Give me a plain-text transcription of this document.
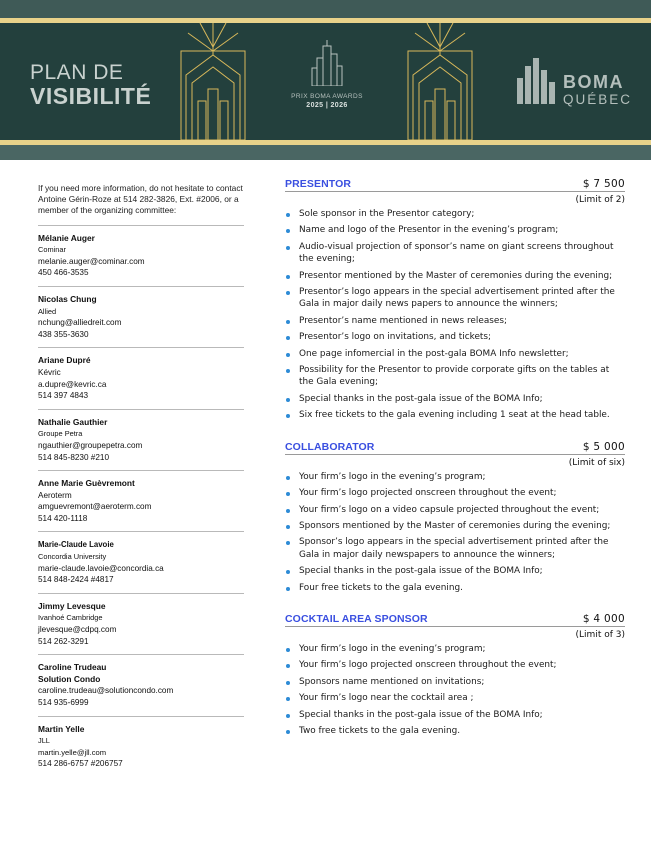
PLAN DE
VISIBILITÉ	PRIX BOMA AWARDS
2025 | 2026
BOMA
QUÉBEC
If you need more information, do not hesitate to contact Antoine Gérin-Roze at 514 282-3826, Ext. #2006, or a member of the organizing committee:
Mélanie Auger
Cominar
melanie.auger@cominar.com
450 466-3535
Nicolas Chung
Allied
nchung@alliedreit.com
438 355-3630
Ariane Dupré
Kévric
a.dupre@kevric.ca
514 397 4843
Nathalie Gauthier
Groupe Petra
ngauthier@groupepetra.com
514 845-8230 #210
Anne Marie Guèvremont
Aeroterm
amguevremont@aeroterm.com
514 420-1118
Marie-Claude Lavoie
Concordia University
marie-claude.lavoie@concordia.ca
514 848-2424 #4817
Jimmy Levesque
Ivanhoé Cambridge
jlevesque@cdpq.com
514 262-3291
Caroline Trudeau
Solution Condo
caroline.trudeau@solutioncondo.com
514 935-6999
Martin Yelle
JLL
martin.yelle@jll.com
514 286-6757 #206757
PRESENTOR	$ 7 500
(Limit of 2)
Sole sponsor in the Presentor category;
Name and logo of the Presentor in the evening’s program;
Audio-visual projection of sponsor’s name on giant screens throughout the evening;
Presentor mentioned by the Master of ceremonies during the evening;
Presentor’s logo appears in the special advertisement printed after the Gala in major daily news papers to announce the winners;
Presentor’s name mentioned in news releases;
Presentor’s logo on invitations, and tickets;
One page infomercial in the post-gala BOMA Info newsletter;
Possibility for the Presentor to provide corporate gifts on the tables at the Gala evening;
Special thanks in the post-gala issue of the BOMA Info;
Six free tickets to the gala evening including 1 seat at the head table.
COLLABORATOR	$ 5 000
(Limit of six)
Your firm’s logo in the evening’s program;
Your firm’s logo projected onscreen throughout the event;
Your firm’s logo on a video capsule projected throughout the event;
Sponsors mentioned by the Master of ceremonies during the evening;
Sponsor’s logo appears in the special advertisement printed after the Gala in major daily newspapers to announce the winners;
Special thanks in the post-gala issue of the BOMA Info;
Four free tickets to the gala evening.
COCKTAIL AREA SPONSOR	$ 4 000
(Limit of 3)
Your firm’s logo in the evening’s program;
Your firm’s logo projected onscreen throughout the event;
Sponsors name mentioned on invitations;
Your firm’s logo near the cocktail area ;
Special thanks in the post-gala issue of the BOMA Info;
Two free tickets to the gala evening.
